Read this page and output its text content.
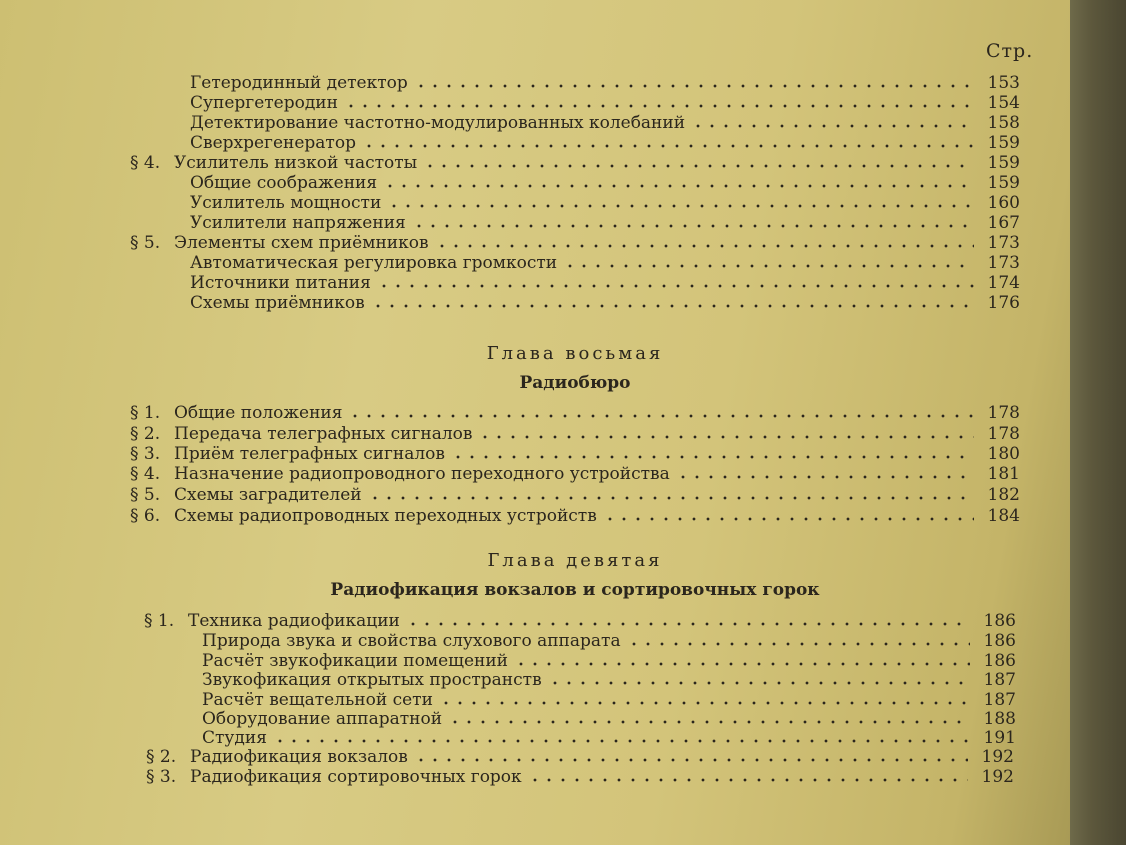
Стр.
Гетеродинный детектор	153
Супергетеродин	154
Детектирование частотно-модулированных колебаний	158
Сверхрегенератор	159
§ 4. Усилитель низкой частоты	159
Общие соображения	159
Усилитель мощности	160
Усилители напряжения	167
§ 5. Элементы схем приёмников	173
Автоматическая регулировка громкости	173
Источники питания	174
Схемы приёмников	176
Глава восьмая
Радиобюро
§ 1. Общие положения	178
§ 2. Передача телеграфных сигналов	178
§ 3. Приём телеграфных сигналов	180
§ 4. Назначение радиопроводного переходного устройства	181
§ 5. Схемы заградителей	182
§ 6. Схемы радиопроводных переходных устройств	184
Глава девятая
Радиофикация вокзалов и сортировочных горок
§ 1. Техника радиофикации	186
Природа звука и свойства слухового аппарата	186
Расчёт звукофикации помещений	186
Звукофикация открытых пространств	187
Расчёт вещательной сети	187
Оборудование аппаратной	188
Студия	191
§ 2. Радиофикация вокзалов	192
§ 3. Радиофикация сортировочных горок	192
